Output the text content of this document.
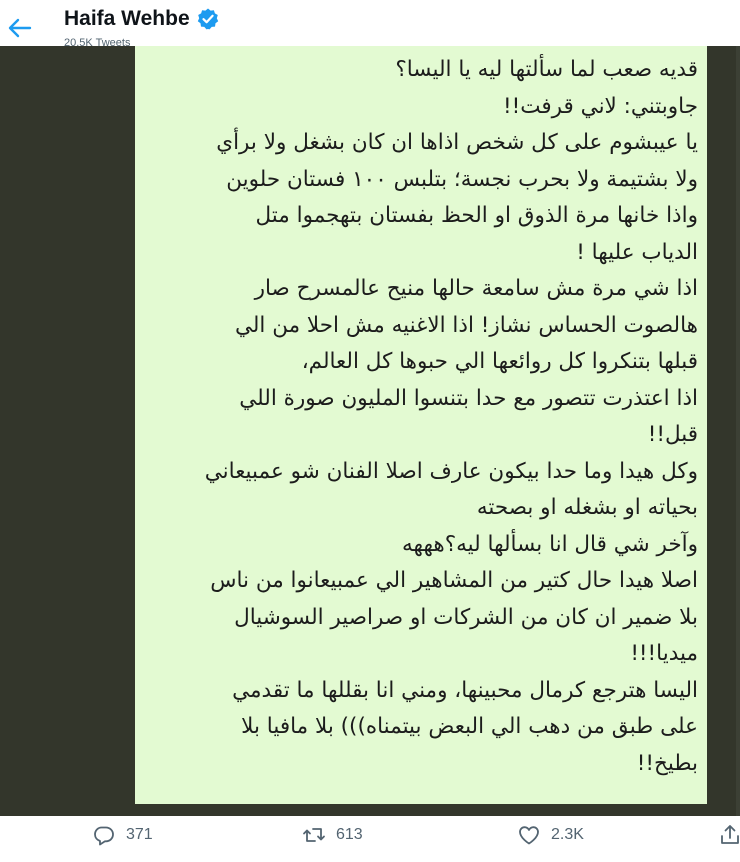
Haifa Wehbe
20.5K Tweets
قديه صعب لما سألتها ليه يا اليسا؟
جاوبتني: لاني قرفت!!
يا عيبشوم على كل شخص اذاها ان كان بشغل ولا برأي
ولا بشتيمة ولا بحرب نجسة؛ بتلبس ١٠٠ فستان حلوين
واذا خانها مرة الذوق او الحظ بفستان بتهجموا متل
الدياب عليها !
اذا شي مرة مش سامعة حالها منيح عالمسرح صار
هالصوت الحساس نشاز! اذا الاغنيه مش احلا من الي
قبلها بتنكروا كل روائعها الي حبوها كل العالم،
اذا اعتذرت تتصور مع حدا بتنسوا المليون صورة اللي
قبل!!
وكل هيدا وما حدا بيكون عارف اصلا الفنان شو عمبيعاني
بحياته او بشغله او بصحته
وآخر شي قال انا بسألها ليه؟هههه
اصلا هيدا حال كتير من المشاهير الي عمبيعانوا من ناس
بلا ضمير ان كان من الشركات او صراصير السوشيال
ميديا!!!
اليسا هترجع كرمال محبينها، ومني انا بقللها ما تقدمي
على طبق من دهب الي البعض بيتمناه))) بلا مافيا بلا
بطيخ!!
371	613	2.3K
